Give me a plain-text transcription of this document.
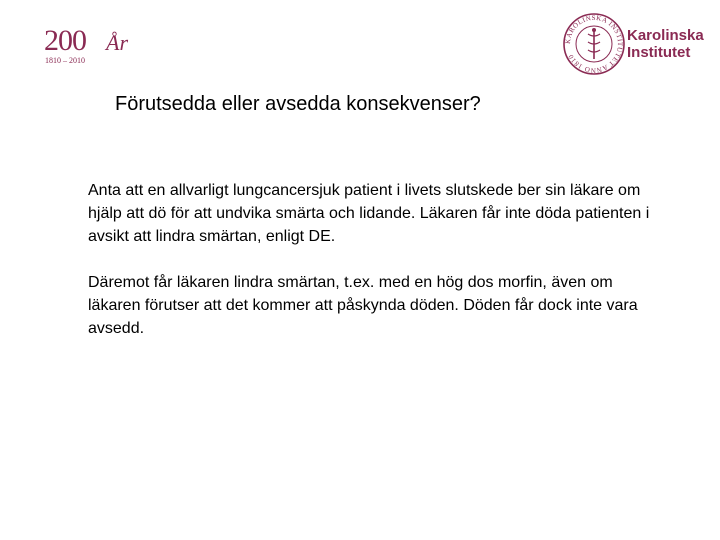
200 År
1810 – 2010
KAROLINSKA INSTITUTET ANNO 1810
Karolinska
Institutet
Förutsedda eller avsedda konsekvenser?

Anta att en allvarligt lungcancersjuk patient i livets slutskede ber sin läkare om hjälp att dö för att undvika smärta och lidande. Läkaren får inte döda patienten i avsikt att lindra smärtan, enligt DE.

Däremot får läkaren lindra smärtan, t.ex. med en hög dos morfin, även om läkaren förutser att det kommer att påskynda döden. Döden får dock inte vara avsedd.
